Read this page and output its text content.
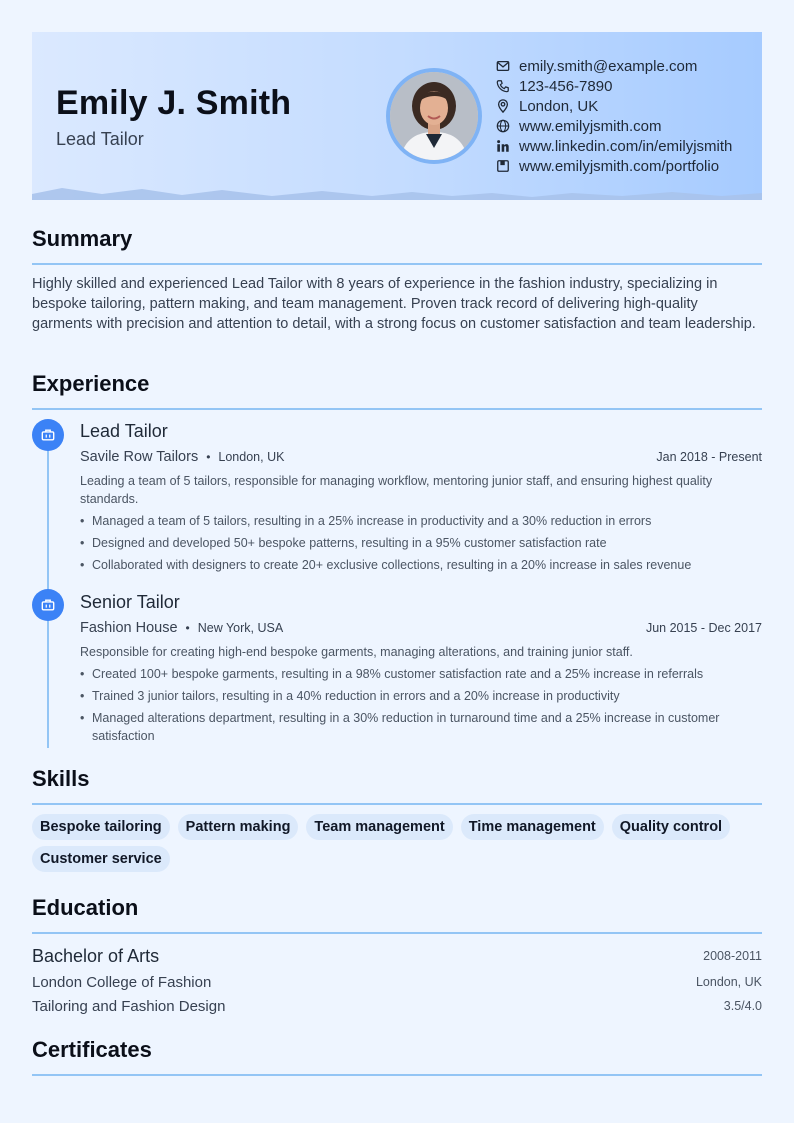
Emily J. Smith
Lead Tailor
emily.smith@example.com
123-456-7890
London, UK
www.emilyjsmith.com
www.linkedin.com/in/emilyjsmith
www.emilyjsmith.com/portfolio
Summary

Highly skilled and experienced Lead Tailor with 8 years of experience in the fashion industry, specializing in bespoke tailoring, pattern making, and team management. Proven track record of delivering high-quality garments with precision and attention to detail, with a strong focus on customer satisfaction and team leadership.

Experience
Lead Tailor
Savile Row Tailors • London, UK	Jan 2018 - Present
Leading a team of 5 tailors, responsible for managing workflow, mentoring junior staff, and ensuring highest quality standards.
• Managed a team of 5 tailors, resulting in a 25% increase in productivity and a 30% reduction in errors
• Designed and developed 50+ bespoke patterns, resulting in a 95% customer satisfaction rate
• Collaborated with designers to create 20+ exclusive collections, resulting in a 20% increase in sales revenue
Senior Tailor
Fashion House • New York, USA	Jun 2015 - Dec 2017
Responsible for creating high-end bespoke garments, managing alterations, and training junior staff.
• Created 100+ bespoke garments, resulting in a 98% customer satisfaction rate and a 25% increase in referrals
• Trained 3 junior tailors, resulting in a 40% reduction in errors and a 20% increase in productivity
• Managed alterations department, resulting in a 30% reduction in turnaround time and a 25% increase in customer satisfaction
Skills
Bespoke tailoring	Pattern making	Team management	Time management	Quality control
Customer service
Education
Bachelor of Arts	2008-2011
London College of Fashion	London, UK
Tailoring and Fashion Design	3.5/4.0
Certificates
